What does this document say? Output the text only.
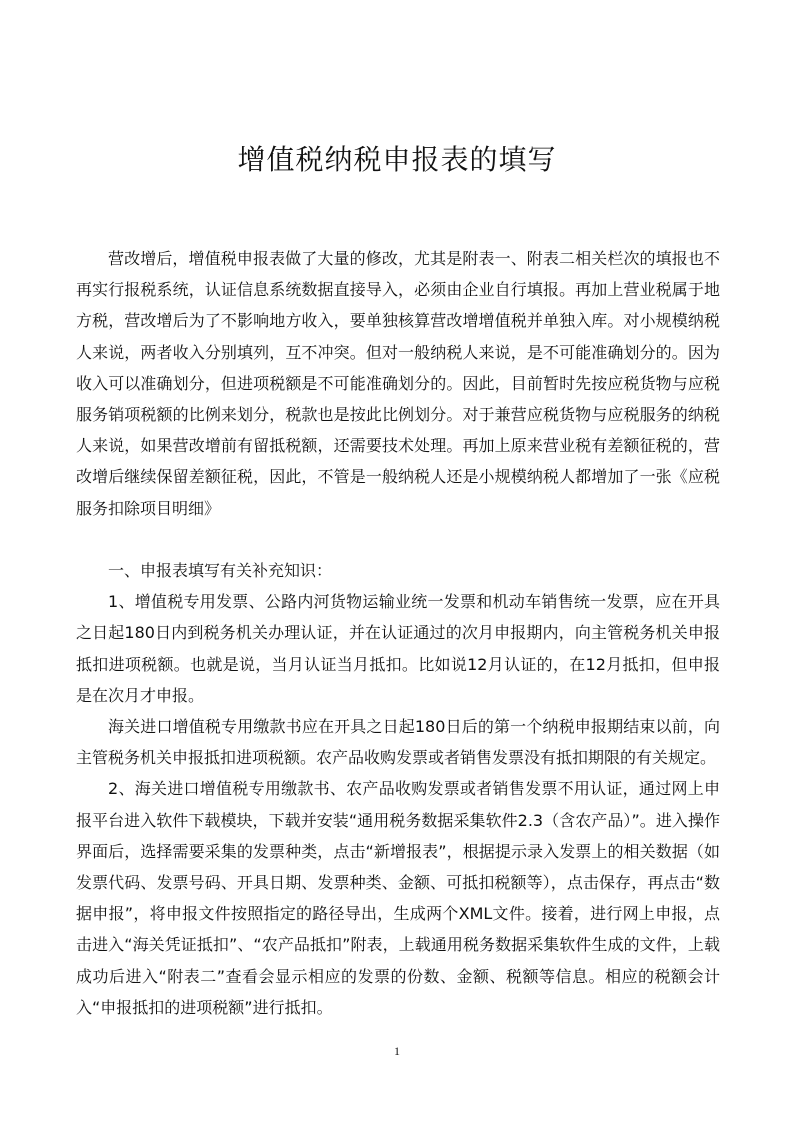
增值税纳税申报表的填写

营改增后，增值税申报表做了大量的修改，尤其是附表一、附表二相关栏次的填报也不再实行报税系统，认证信息系统数据直接导入，必须由企业自行填报。再加上营业税属于地方税，营改增后为了不影响地方收入，要单独核算营改增增值税并单独入库。对小规模纳税人来说，两者收入分别填列，互不冲突。但对一般纳税人来说，是不可能准确划分的。因为收入可以准确划分，但进项税额是不可能准确划分的。因此，目前暂时先按应税货物与应税服务销项税额的比例来划分，税款也是按此比例划分。对于兼营应税货物与应税服务的纳税人来说，如果营改增前有留抵税额，还需要技术处理。再加上原来营业税有差额征税的，营改增后继续保留差额征税，因此，不管是一般纳税人还是小规模纳税人都增加了一张《应税服务扣除项目明细》

一、申报表填写有关补充知识：

1、增值税专用发票、公路内河货物运输业统一发票和机动车销售统一发票，应在开具之日起180日内到税务机关办理认证，并在认证通过的次月申报期内，向主管税务机关申报抵扣进项税额。也就是说，当月认证当月抵扣。比如说12月认证的，在12月抵扣，但申报是在次月才申报。

海关进口增值税专用缴款书应在开具之日起180日后的第一个纳税申报期结束以前，向主管税务机关申报抵扣进项税额。农产品收购发票或者销售发票没有抵扣期限的有关规定。

2、海关进口增值税专用缴款书、农产品收购发票或者销售发票不用认证，通过网上申报平台进入软件下载模块，下载并安装“通用税务数据采集软件2.3（含农产品）”。进入操作界面后，选择需要采集的发票种类，点击“新增报表”，根据提示录入发票上的相关数据（如发票代码、发票号码、开具日期、发票种类、金额、可抵扣税额等），点击保存，再点击“数据申报”，将申报文件按照指定的路径导出，生成两个XML文件。接着，进行网上申报，点击进入“海关凭证抵扣”、“农产品抵扣”附表，上载通用税务数据采集软件生成的文件，上载成功后进入“附表二”查看会显示相应的发票的份数、金额、税额等信息。相应的税额会计入“申报抵扣的进项税额”进行抵扣。

1
